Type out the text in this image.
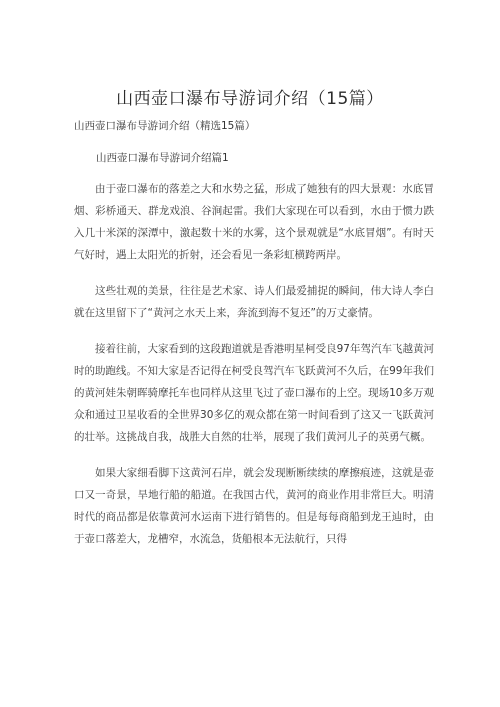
山西壶口瀑布导游词介绍（15篇）
山西壶口瀑布导游词介绍（精选15篇）
山西壶口瀑布导游词介绍篇1

由于壶口瀑布的落差之大和水势之猛，形成了她独有的四大景观：水底冒烟、彩桥通天、群龙戏浪、谷涧起雷。我们大家现在可以看到，水由于惯力跌入几十米深的深潭中，激起数十米的水雾，这个景观就是“水底冒烟”。有时天气好时，遇上太阳光的折射，还会看见一条彩虹横跨两岸。

这些壮观的美景，往往是艺术家、诗人们最爱捕捉的瞬间，伟大诗人李白就在这里留下了“黄河之水天上来，奔流到海不复还”的万丈豪情。

接着往前，大家看到的这段跑道就是香港明星柯受良97年驾汽车飞越黄河时的助跑线。不知大家是否记得在柯受良驾汽车飞跃黄河不久后，在99年我们的黄河娃朱朝晖骑摩托车也同样从这里飞过了壶口瀑布的上空。现场10多万观众和通过卫星收看的全世界30多亿的观众都在第一时间看到了这又一飞跃黄河的壮举。这挑战自我，战胜大自然的壮举，展现了我们黄河儿子的英勇气概。

如果大家细看脚下这黄河石岸，就会发现断断续续的摩擦痕迹，这就是壶口又一奇景，旱地行船的船道。在我国古代，黄河的商业作用非常巨大。明清时代的商品都是依靠黄河水运南下进行销售的。但是每每商船到龙王辿时，由于壶口落差大，龙槽窄，水流急，货船根本无法航行，只得
